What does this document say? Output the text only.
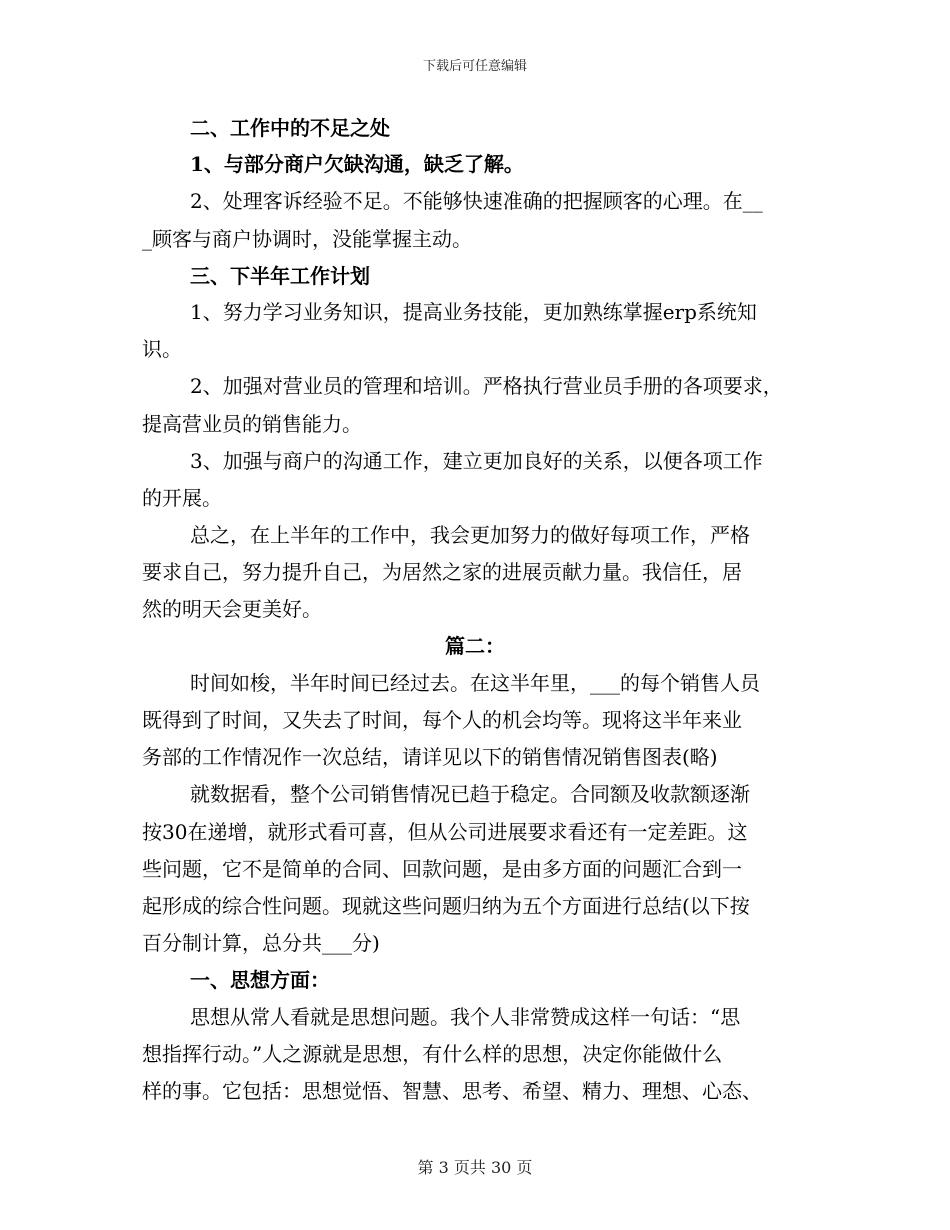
下载后可任意编辑
二、工作中的不足之处
1、与部分商户欠缺沟通，缺乏了解。
2、处理客诉经验不足。不能够快速准确的把握顾客的心理。在__
_顾客与商户协调时，没能掌握主动。
三、下半年工作计划
1、努力学习业务知识，提高业务技能，更加熟练掌握erp系统知
识。
2、加强对营业员的管理和培训。严格执行营业员手册的各项要求，
提高营业员的销售能力。
3、加强与商户的沟通工作，建立更加良好的关系，以便各项工作
的开展。
总之，在上半年的工作中，我会更加努力的做好每项工作，严格
要求自己，努力提升自己，为居然之家的进展贡献力量。我信任，居
然的明天会更美好。
篇二：
时间如梭，半年时间已经过去。在这半年里，___的每个销售人员
既得到了时间，又失去了时间，每个人的机会均等。现将这半年来业
务部的工作情况作一次总结，请详见以下的销售情况销售图表(略)
就数据看，整个公司销售情况已趋于稳定。合同额及收款额逐渐
按30在递增，就形式看可喜，但从公司进展要求看还有一定差距。这
些问题，它不是简单的合同、回款问题，是由多方面的问题汇合到一
起形成的综合性问题。现就这些问题归纳为五个方面进行总结(以下按
百分制计算，总分共___分)
一、思想方面：
思想从常人看就是思想问题。我个人非常赞成这样一句话：“思
想指挥行动。”人之源就是思想，有什么样的思想，决定你能做什么
样的事。它包括：思想觉悟、智慧、思考、希望、精力、理想、心态、
第 3 页共 30 页
